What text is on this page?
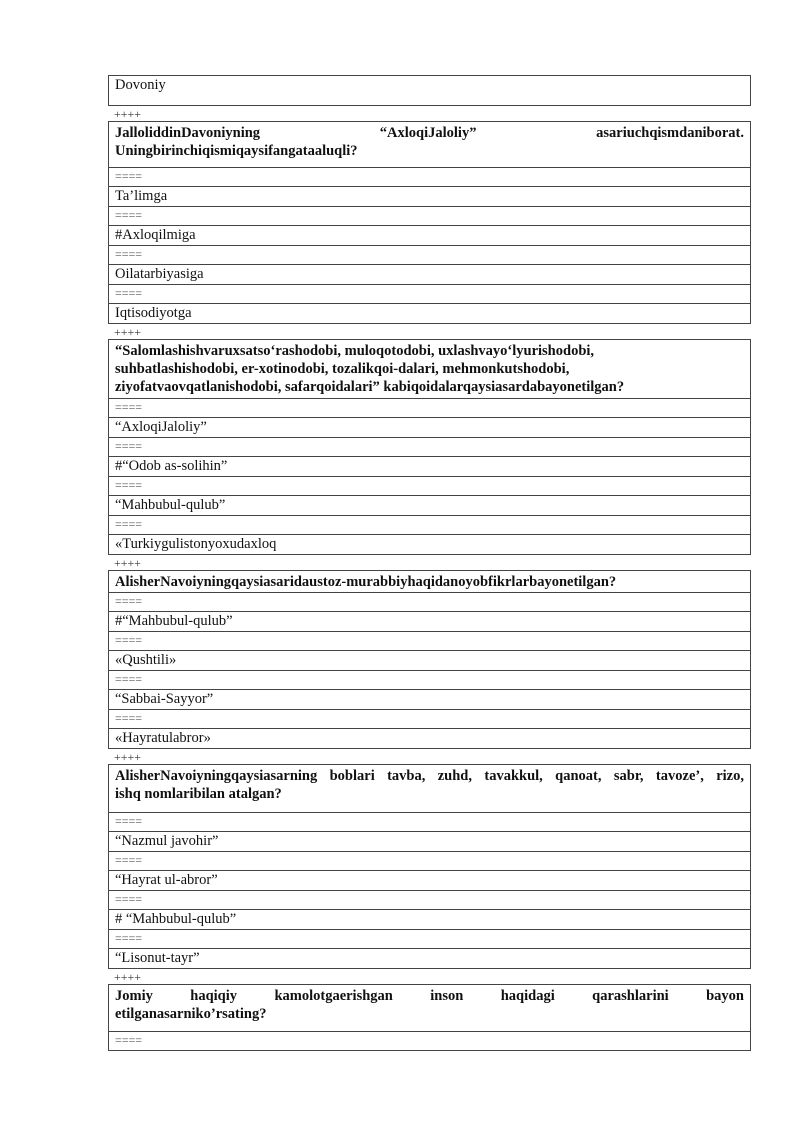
Dovoniy
++++
JalloliddinDavoniyning “AxloqiJaloliy” asariuchqismdaniborat.
Uningbirinchiqismiqaysifangataaluqli?
====
Ta’limga
====
#Axloqilmiga
====
Oilatarbiyasiga
====
Iqtisodiyotga
++++
“Salomlashishvaruxsatso‘rashodobi, muloqotodobi, uxlashvayo‘lyurishodobi,
suhbatlashishodobi, er-xotinodobi, tozalikqoi-dalari, mehmonkutshodobi,
ziyofatvaovqatlanishodobi, safarqoidalari” kabiqoidalarqaysiasardabayonetilgan?
====
“AxloqiJaloliy”
====
#“Odob as-solihin”
====
“Mahbubul-qulub”
====
«Turkiygulistonyoxudaxloq
++++
AlisherNavoiyningqaysiasaridaustoz-murabbiyhaqidanoyobfikrlarbayonetilgan?
====
#“Mahbubul-qulub”
====
«Qushtili»
====
“Sabbai-Sayyor”
====
«Hayratulabror»
++++
AlisherNavoiyningqaysiasarning boblari tavba, zuhd, tavakkul, qanoat, sabr, tavoze’, rizo,
ishq nomlaribilan atalgan?
====
“Nazmul javohir”
====
“Hayrat ul-abror”
====
# “Mahbubul-qulub”
====
“Lisonut-tayr”
++++
Jomiy haqiqiy kamolotgaerishgan inson haqidagi qarashlarini bayon
etilganasarniko’rsating?
====
